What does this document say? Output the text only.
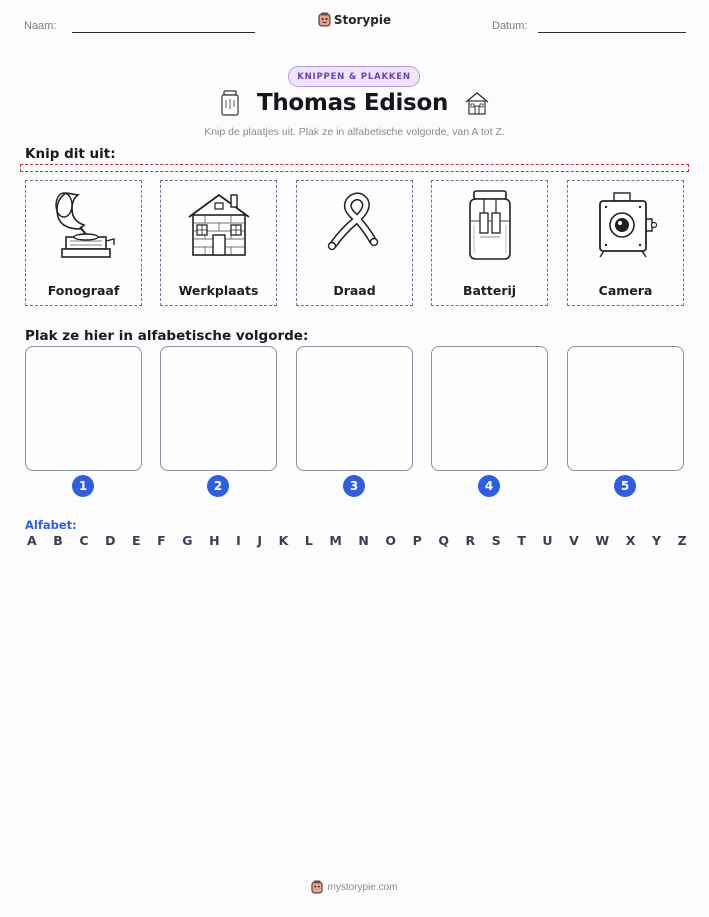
Naam:	Storypie	Datum:
KNIPPEN & PLAKKEN
Thomas Edison
Knip de plaatjes uit. Plak ze in alfabetische volgorde, van A tot Z.
Knip dit uit:
Fonograaf	Werkplaats	Draad	Batterij	Camera
Plak ze hier in alfabetische volgorde:
1	2	3	4	5
Alfabet:
A B C D E F G H I J K L M N O P Q R S T U V W X Y Z
mystorypie.com
